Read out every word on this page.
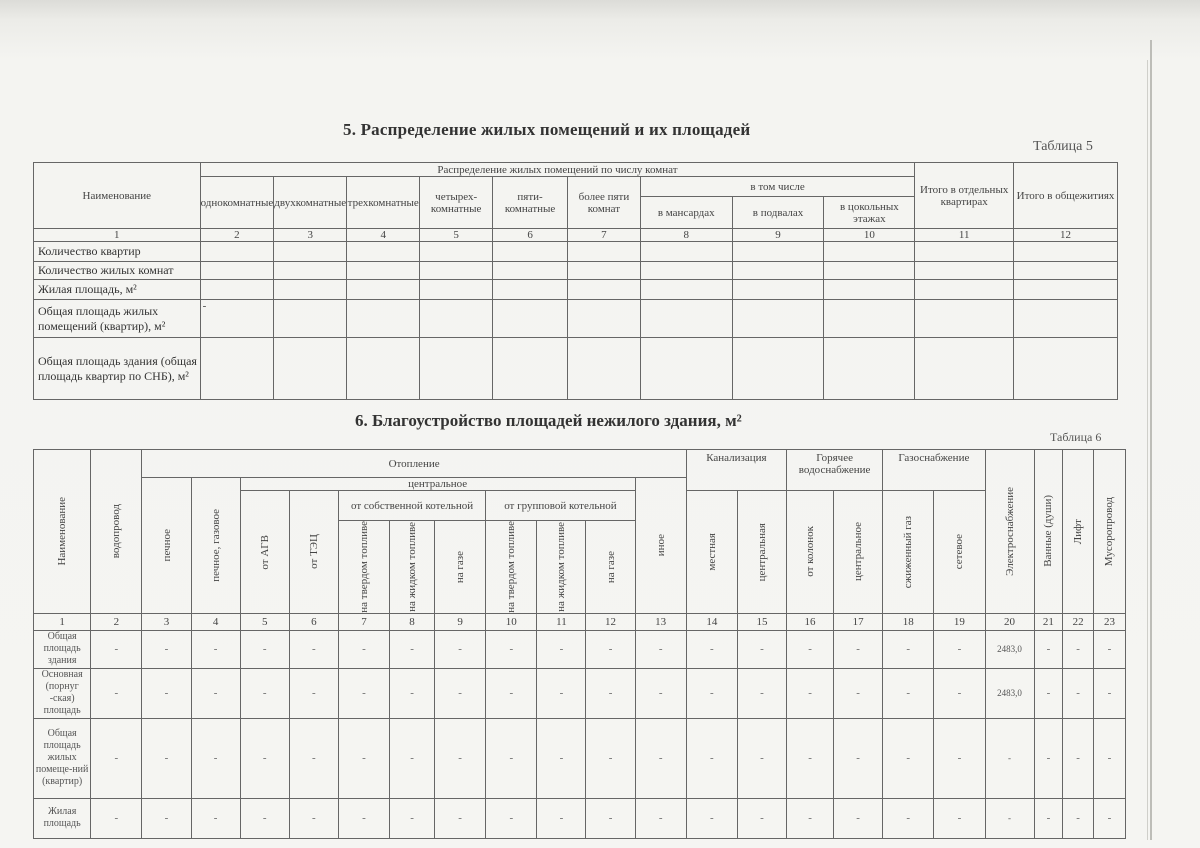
5. Распределение жилых помещений и их площадей
Таблица 5
Наименование	Распределение жилых помещений по числу комнат									Итого в отдельных квартирах	Итого в общежитиях
	однокомнатные	двухкомнатные	трехкомнатные	четырех-комнатные	пяти-комнатные	более пяти комнат	в том числе				
							в мансардах	в подвалах	в цокольных этажах		
1	2	3	4	5	6	7	8	9	10	11	12
Количество квартир											
Количество жилых комнат											
Жилая площадь, м²											
Общая площадь жилых помещений (квартир), м²	-										
Общая площадь здания (общая площадь квартир по СНБ), м²											
6. Благоустройство площадей нежилого здания, м²
Таблица 6
Наименование	водопровод	Отопление											Канализация		Горячее водоснабжение		Газоснабжение		Электроснабжение	Ванные (души)	Лифт	Мусоропровод

		печное	печное, газовое	центральное								иное										

				от АГВ	от ТЭЦ	от собственной котельной			от групповой котельной				местная	центральная	от колонок	центральное	сжиженный газ	сетевое				

						на твердом топливе	на жидком топливе	на газе	на твердом топливе	на жидком топливе	на газе											

1	2	3	4	5	6	7	8	9	10	11	12	13	14	15	16	17	18	19	20	21	22	23
Общая площадь здания	-	-	-	-	-	-	-	-	-	-	-	-	-	-	-	-	-	-	2483,0	-	-	-
Основная (порнуг -ская) площадь	-	-	-	-	-	-	-	-	-	-	-	-	-	-	-	-	-	-	2483,0	-	-	-
Общая площадь жилых помеще-ний (квартир)	-	-	-	-	-	-	-	-	-	-	-	-	-	-	-	-	-	-	-	-	-	-
Жилая площадь	-	-	-	-	-	-	-	-	-	-	-	-	-	-	-	-	-	-	-	-	-	-
